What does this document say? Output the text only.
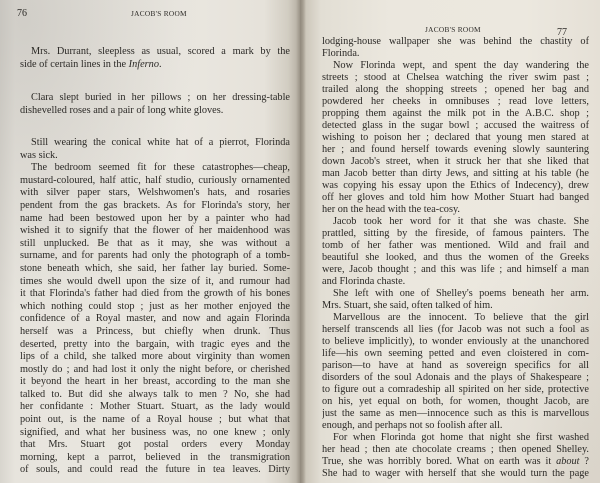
76	JACOB'S ROOM
Mrs. Durrant, sleepless as usual, scored a mark by the
side of certain lines in the Inferno.
Clara slept buried in her pillows ; on her dressing-table
dishevelled roses and a pair of long white gloves.
Still wearing the conical white hat of a pierrot, Florinda
was sick.
The bedroom seemed fit for these catastrophes—cheap,
mustard-coloured, half attic, half studio, curiously ornamented
with silver paper stars, Welshwomen's hats, and rosaries
pendent from the gas brackets. As for Florinda's story, her
name had been bestowed upon her by a painter who had
wished it to signify that the flower of her maidenhood was
still unplucked. Be that as it may, she was without a
surname, and for parents had only the photograph of a tomb-
stone beneath which, she said, her father lay buried. Some-
times she would dwell upon the size of it, and rumour had
it that Florinda's father had died from the growth of his bones
which nothing could stop ; just as her mother enjoyed the
confidence of a Royal master, and now and again Florinda
herself was a Princess, but chiefly when drunk. Thus
deserted, pretty into the bargain, with tragic eyes and the
lips of a child, she talked more about virginity than women
mostly do ; and had lost it only the night before, or cherished
it beyond the heart in her breast, according to the man she
talked to. But did she always talk to men ? No, she had
her confidante : Mother Stuart. Stuart, as the lady would
point out, is the name of a Royal house ; but what that
signified, and what her business was, no one knew ; only
that Mrs. Stuart got postal orders every Monday
morning, kept a parrot, believed in the transmigration
of souls, and could read the future in tea leaves. Dirty
JACOB'S ROOM	77
lodging-house wallpaper she was behind the chastity of
Florinda.
Now Florinda wept, and spent the day wandering the
streets ; stood at Chelsea watching the river swim past ;
trailed along the shopping streets ; opened her bag and
powdered her cheeks in omnibuses ; read love letters,
propping them against the milk pot in the A.B.C. shop ;
detected glass in the sugar bowl ; accused the waitress of
wishing to poison her ; declared that young men stared at
her ; and found herself towards evening slowly sauntering
down Jacob's street, when it struck her that she liked that
man Jacob better than dirty Jews, and sitting at his table (he
was copying his essay upon the Ethics of Indecency), drew
off her gloves and told him how Mother Stuart had banged
her on the head with the tea-cosy.
Jacob took her word for it that she was chaste. She
prattled, sitting by the fireside, of famous painters. The
tomb of her father was mentioned. Wild and frail and
beautiful she looked, and thus the women of the Greeks
were, Jacob thought ; and this was life ; and himself a man
and Florinda chaste.
She left with one of Shelley's poems beneath her arm.
Mrs. Stuart, she said, often talked of him.
Marvellous are the innocent. To believe that the girl
herself transcends all lies (for Jacob was not such a fool as
to believe implicitly), to wonder enviously at the unanchored
life—his own seeming petted and even cloistered in com-
parison—to have at hand as sovereign specifics for all
disorders of the soul Adonais and the plays of Shakespeare ;
to figure out a comradeship all spirited on her side, protective
on his, yet equal on both, for women, thought Jacob, are
just the same as men—innocence such as this is marvellous
enough, and perhaps not so foolish after all.
For when Florinda got home that night she first washed
her head ; then ate chocolate creams ; then opened Shelley.
True, she was horribly bored. What on earth was it about ?
She had to wager with herself that she would turn the page
